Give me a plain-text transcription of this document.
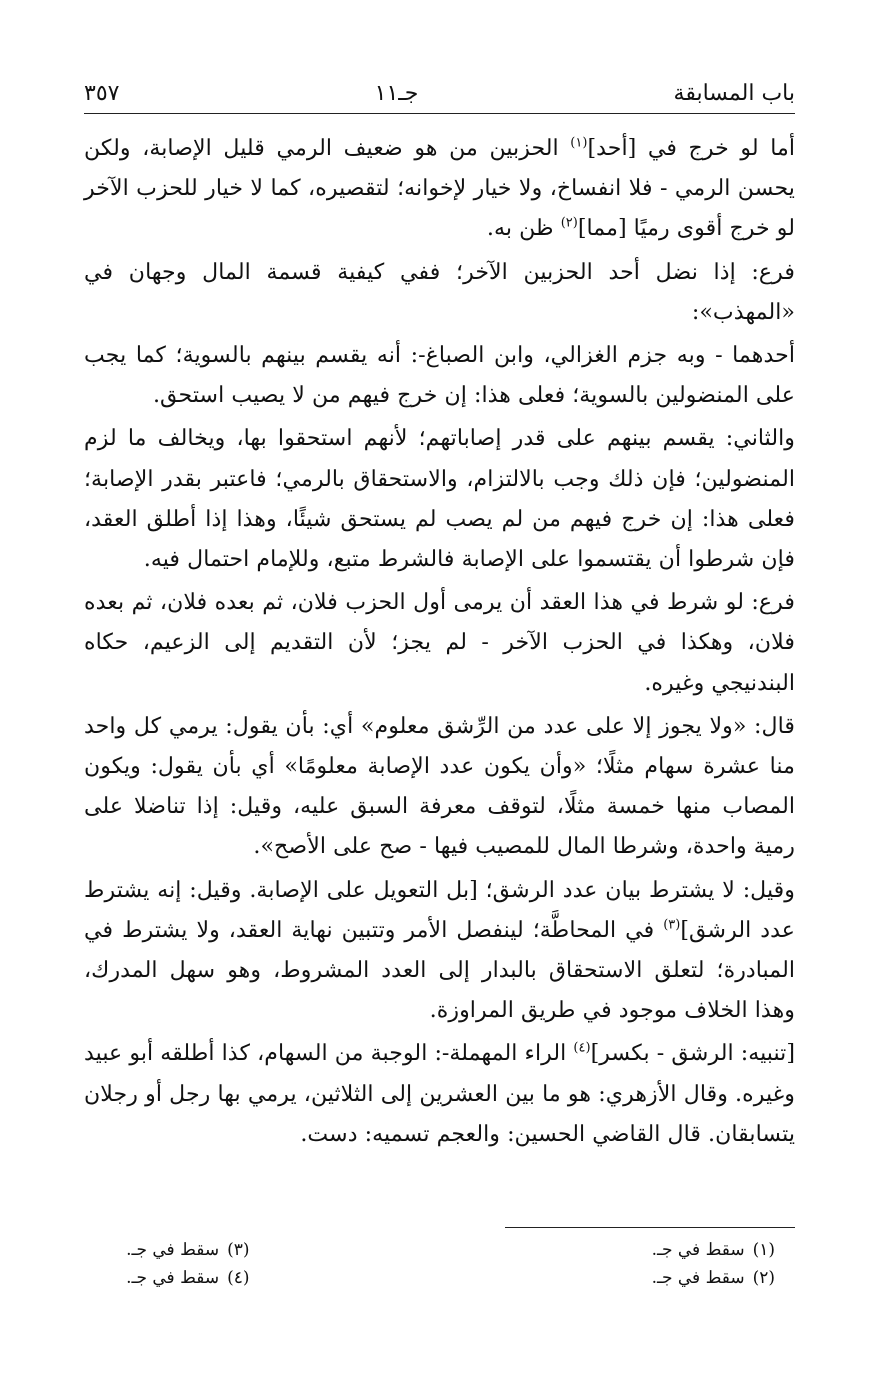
باب المسابقة
جـ١١
٣٥٧

أما لو خرج في [أحد]$^{(١)}$ الحزبين من هو ضعيف الرمي قليل الإصابة، ولكن يحسن الرمي - فلا انفساخ، ولا خيار لإخوانه؛ لتقصيره، كما لا خيار للحزب الآخر لو خرج أقوى رميًا [مما]$^{(٢)}$ ظن به.

فرع: إذا نضل أحد الحزبين الآخر؛ ففي كيفية قسمة المال وجهان في «المهذب»:

أحدهما - وبه جزم الغزالي، وابن الصباغ-: أنه يقسم بينهم بالسوية؛ كما يجب على المنضولين بالسوية؛ فعلى هذا: إن خرج فيهم من لا يصيب استحق.

والثاني: يقسم بينهم على قدر إصاباتهم؛ لأنهم استحقوا بها، ويخالف ما لزم المنضولين؛ فإن ذلك وجب بالالتزام، والاستحقاق بالرمي؛ فاعتبر بقدر الإصابة؛ فعلى هذا: إن خرج فيهم من لم يصب لم يستحق شيئًا، وهذا إذا أطلق العقد، فإن شرطوا أن يقتسموا على الإصابة فالشرط متبع، وللإمام احتمال فيه.

فرع: لو شرط في هذا العقد أن يرمى أول الحزب فلان، ثم بعده فلان، ثم بعده فلان، وهكذا في الحزب الآخر - لم يجز؛ لأن التقديم إلى الزعيم، حكاه البندنيجي وغيره.

قال: «ولا يجوز إلا على عدد من الرِّشق معلوم» أي: بأن يقول: يرمي كل واحد منا عشرة سهام مثلًا؛ «وأن يكون عدد الإصابة معلومًا» أي بأن يقول: ويكون المصاب منها خمسة مثلًا، لتوقف معرفة السبق عليه، وقيل: إذا تناضلا على رمية واحدة، وشرطا المال للمصيب فيها - صح على الأصح».

وقيل: لا يشترط بيان عدد الرشق؛ [بل التعويل على الإصابة. وقيل: إنه يشترط عدد الرشق]$^{(٣)}$ في المحاطَّة؛ لينفصل الأمر وتتبين نهاية العقد، ولا يشترط في المبادرة؛ لتعلق الاستحقاق بالبدار إلى العدد المشروط، وهو سهل المدرك، وهذا الخلاف موجود في طريق المراوزة.

[تنبيه: الرشق - بكسر]$^{(٤)}$ الراء المهملة-: الوجبة من السهام، كذا أطلقه أبو عبيد وغيره. وقال الأزهري: هو ما بين العشرين إلى الثلاثين، يرمي بها رجل أو رجلان يتسابقان. قال القاضي الحسين: والعجم تسميه: دست.

(١)
سقط في جـ.
(٣)
سقط في جـ.
(٢)
سقط في جـ.
(٤)
سقط في جـ.
